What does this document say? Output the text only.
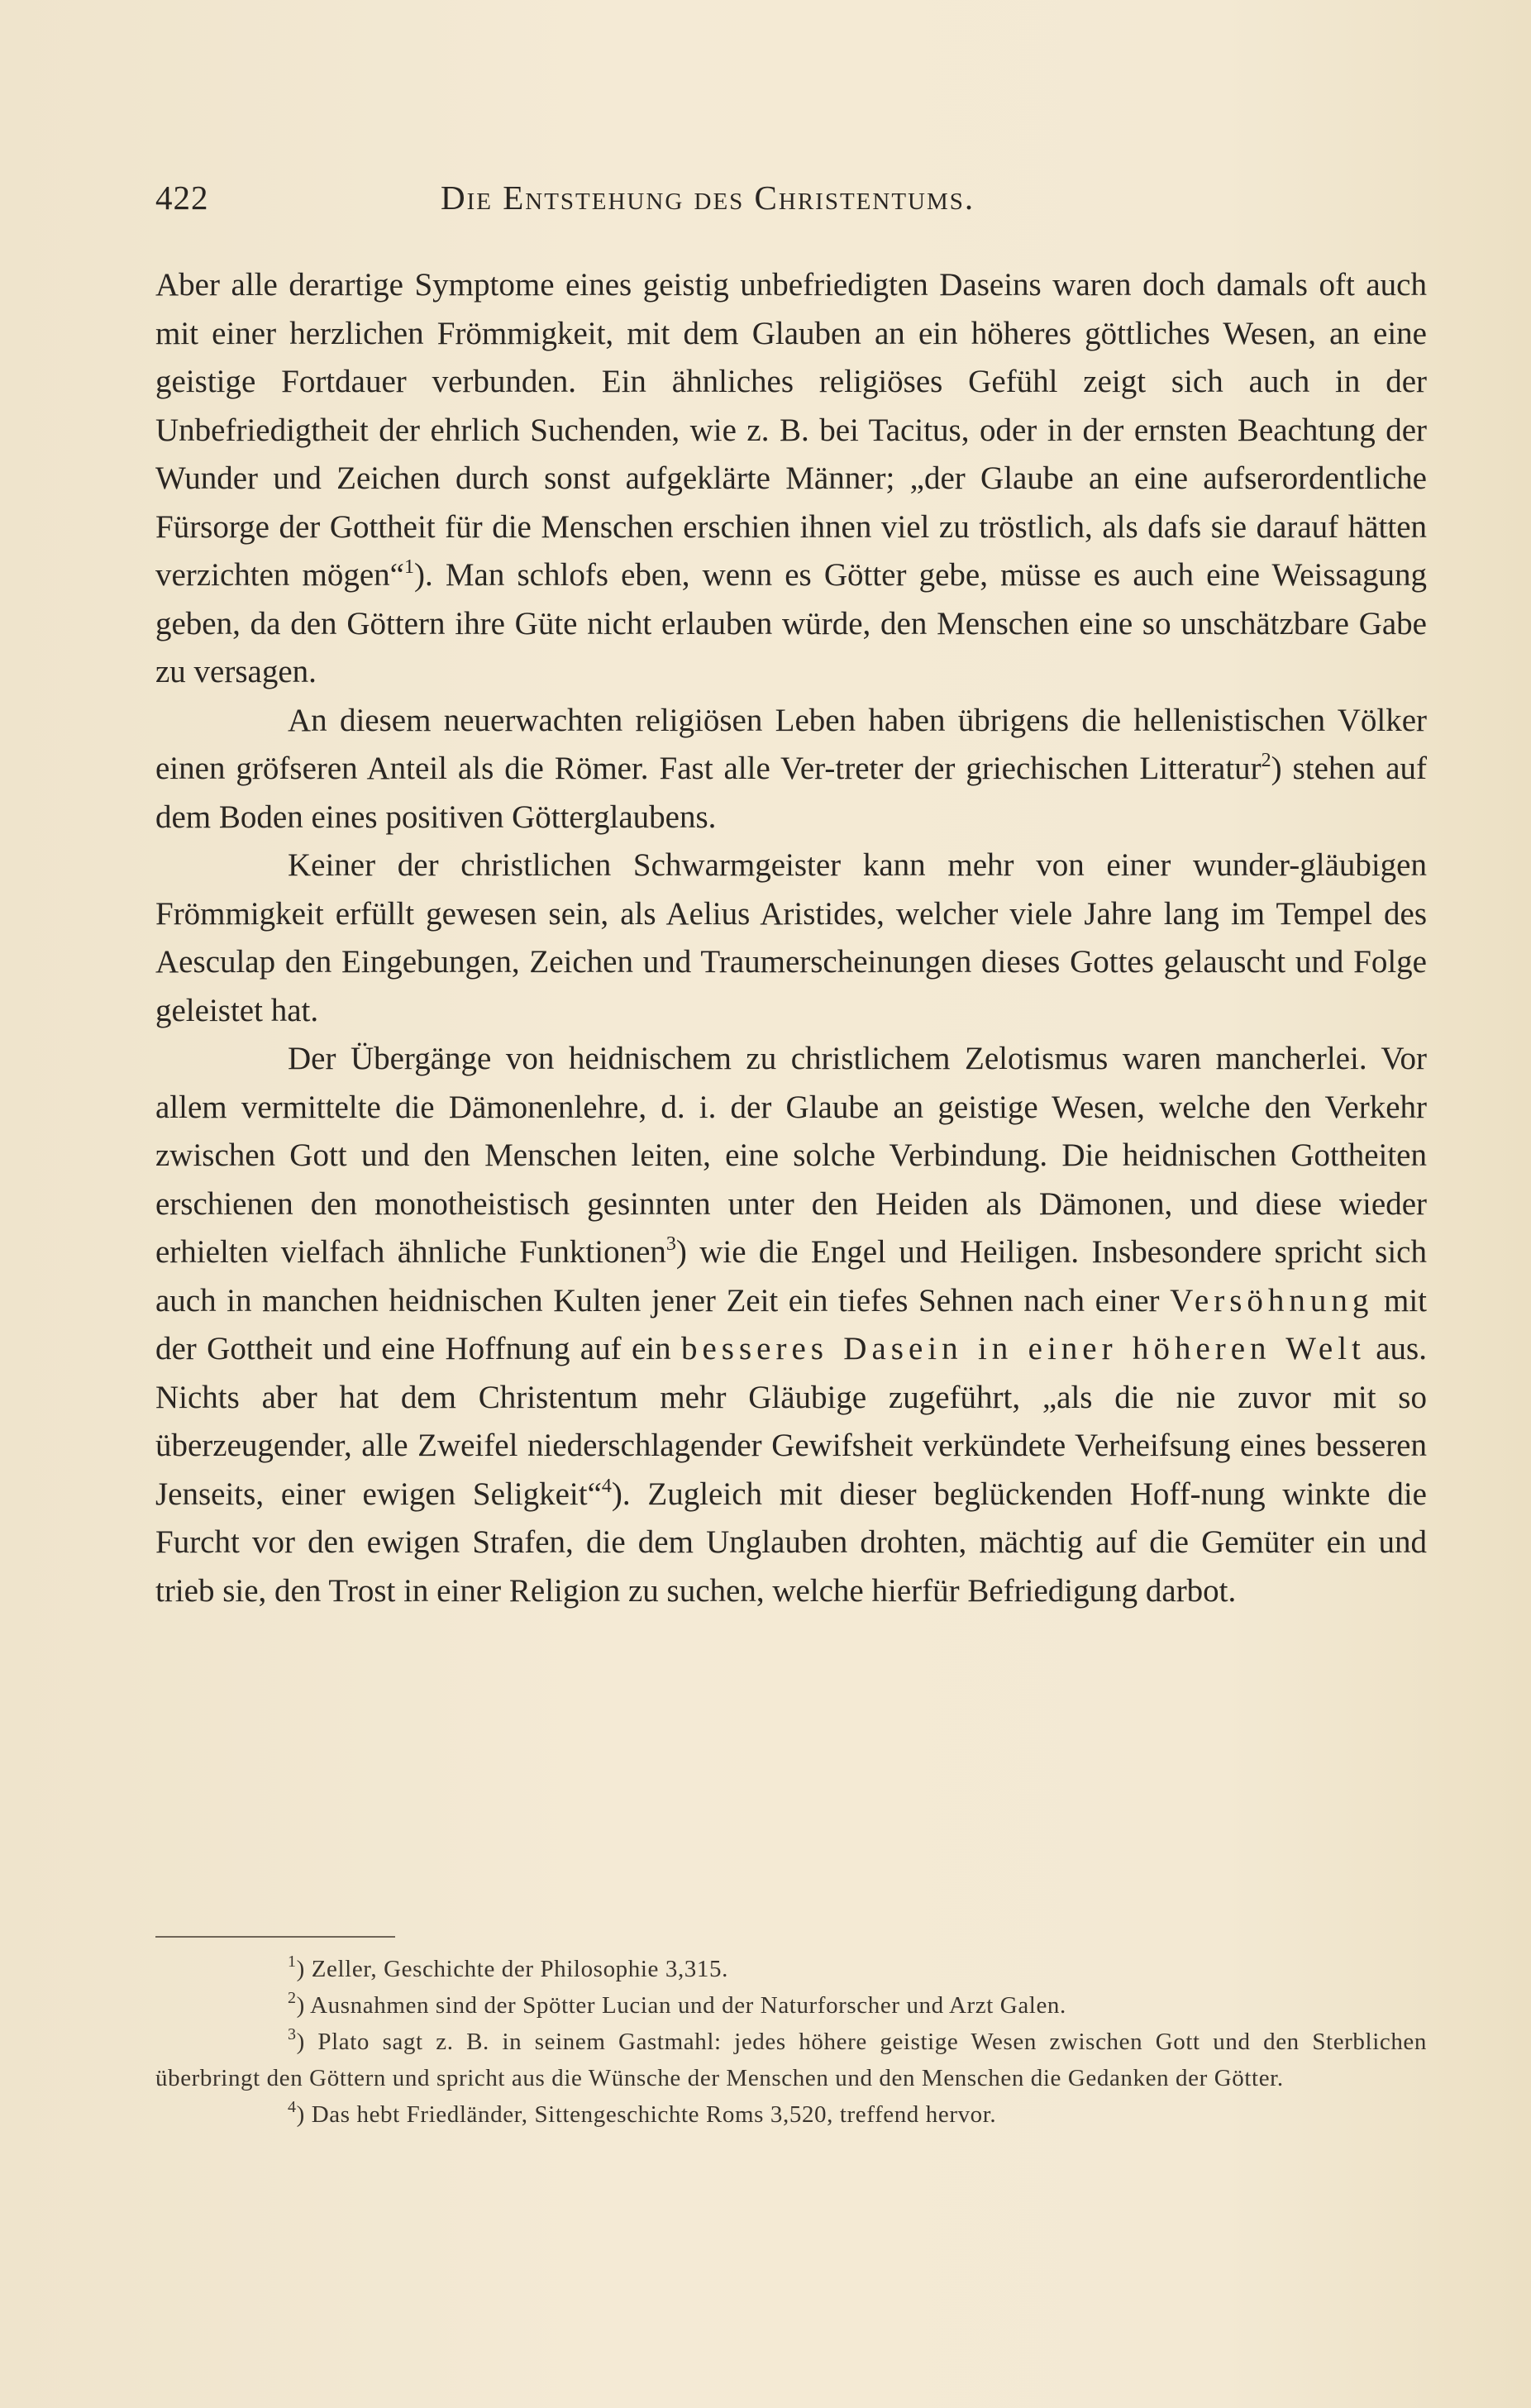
422	Die Entstehung des Christentums.

Aber alle derartige Symptome eines geistig unbefriedigten Daseins waren doch damals oft auch mit einer herzlichen Frömmigkeit, mit dem Glauben an ein höheres göttliches Wesen, an eine geistige Fortdauer verbunden. Ein ähnliches religiöses Gefühl zeigt sich auch in der Unbefriedigtheit der ehrlich Suchenden, wie z. B. bei Tacitus, oder in der ernsten Beachtung der Wunder und Zeichen durch sonst aufgeklärte Männer; „der Glaube an eine aufserordentliche Fürsorge der Gottheit für die Menschen erschien ihnen viel zu tröstlich, als dafs sie darauf hätten verzichten mögen“$^1$). Man schlofs eben, wenn es Götter gebe, müsse es auch eine Weissagung geben, da den Göttern ihre Güte nicht erlauben würde, den Menschen eine so unschätzbare Gabe zu versagen.

An diesem neuerwachten religiösen Leben haben übrigens die hellenistischen Völker einen gröfseren Anteil als die Römer. Fast alle Ver-treter der griechischen Litteratur$^2$) stehen auf dem Boden eines positiven Götterglaubens.

Keiner der christlichen Schwarmgeister kann mehr von einer wunder-gläubigen Frömmigkeit erfüllt gewesen sein, als Aelius Aristides, welcher viele Jahre lang im Tempel des Aesculap den Eingebungen, Zeichen und Traumerscheinungen dieses Gottes gelauscht und Folge geleistet hat.

Der Übergänge von heidnischem zu christlichem Zelotismus waren mancherlei. Vor allem vermittelte die Dämonenlehre, d. i. der Glaube an geistige Wesen, welche den Verkehr zwischen Gott und den Menschen leiten, eine solche Verbindung. Die heidnischen Gottheiten erschienen den monotheistisch gesinnten unter den Heiden als Dämonen, und diese wieder erhielten vielfach ähnliche Funktionen$^3$) wie die Engel und Heiligen. Insbesondere spricht sich auch in manchen heidnischen Kulten jener Zeit ein tiefes Sehnen nach einer Versöhnung mit der Gottheit und eine Hoffnung auf ein besseres Dasein in einer höheren Welt aus. Nichts aber hat dem Christentum mehr Gläubige zugeführt, „als die nie zuvor mit so überzeugender, alle Zweifel niederschlagender Gewifsheit verkündete Verheifsung eines besseren Jenseits, einer ewigen Seligkeit“$^4$). Zugleich mit dieser beglückenden Hoff-nung winkte die Furcht vor den ewigen Strafen, die dem Unglauben drohten, mächtig auf die Gemüter ein und trieb sie, den Trost in einer Religion zu suchen, welche hierfür Befriedigung darbot.

$^1$) Zeller, Geschichte der Philosophie 3,315.

$^2$) Ausnahmen sind der Spötter Lucian und der Naturforscher und Arzt Galen.

$^3$) Plato sagt z. B. in seinem Gastmahl: jedes höhere geistige Wesen zwischen Gott und den Sterblichen überbringt den Göttern und spricht aus die Wünsche der Menschen und den Menschen die Gedanken der Götter.

$^4$) Das hebt Friedländer, Sittengeschichte Roms 3,520, treffend hervor.
